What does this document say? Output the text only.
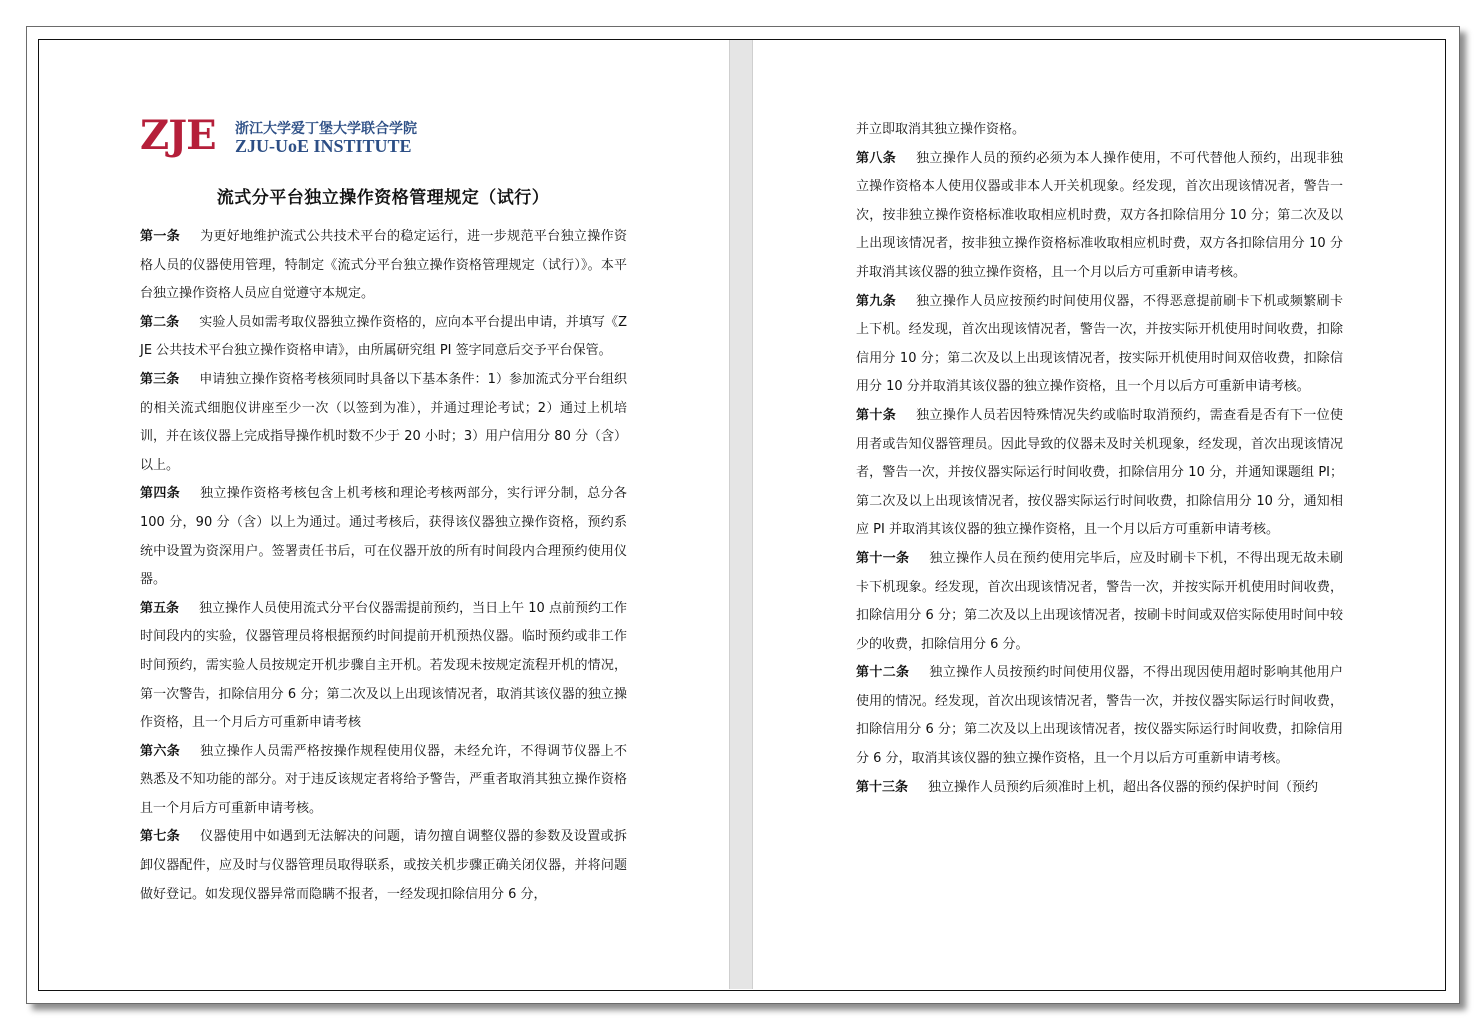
ZJE 浙江大学爱丁堡大学联合学院
ZJU-UoE INSTITUTE
流式分平台独立操作资格管理规定（试行）

第一条 为更好地维护流式公共技术平台的稳定运行，进一步规范平台独立操作资格人员的仪器使用管理，特制定《流式分平台独立操作资格管理规定（试行）》。本平台独立操作资格人员应自觉遵守本规定。

第二条 实验人员如需考取仪器独立操作资格的，应向本平台提出申请，并填写《ZJE 公共技术平台独立操作资格申请》，由所属研究组 PI 签字同意后交予平台保管。

第三条 申请独立操作资格考核须同时具备以下基本条件：1）参加流式分平台组织的相关流式细胞仪讲座至少一次（以签到为准），并通过理论考试；2）通过上机培训，并在该仪器上完成指导操作机时数不少于 20 小时；3）用户信用分 80 分（含）以上。

第四条 独立操作资格考核包含上机考核和理论考核两部分，实行评分制，总分各 100 分，90 分（含）以上为通过。通过考核后，获得该仪器独立操作资格，预约系统中设置为资深用户。签署责任书后，可在仪器开放的所有时间段内合理预约使用仪器。

第五条 独立操作人员使用流式分平台仪器需提前预约，当日上午 10 点前预约工作时间段内的实验，仪器管理员将根据预约时间提前开机预热仪器。临时预约或非工作时间预约，需实验人员按规定开机步骤自主开机。若发现未按规定流程开机的情况，第一次警告，扣除信用分 6 分；第二次及以上出现该情况者，取消其该仪器的独立操作资格，且一个月后方可重新申请考核

第六条 独立操作人员需严格按操作规程使用仪器，未经允许，不得调节仪器上不熟悉及不知功能的部分。对于违反该规定者将给予警告，严重者取消其独立操作资格且一个月后方可重新申请考核。

第七条 仪器使用中如遇到无法解决的问题，请勿擅自调整仪器的参数及设置或拆卸仪器配件，应及时与仪器管理员取得联系，或按关机步骤正确关闭仪器，并将问题做好登记。如发现仪器异常而隐瞒不报者，一经发现扣除信用分 6 分，

并立即取消其独立操作资格。

第八条 独立操作人员的预约必须为本人操作使用，不可代替他人预约，出现非独立操作资格本人使用仪器或非本人开关机现象。经发现，首次出现该情况者，警告一次，按非独立操作资格标准收取相应机时费，双方各扣除信用分 10 分；第二次及以上出现该情况者，按非独立操作资格标准收取相应机时费，双方各扣除信用分 10 分并取消其该仪器的独立操作资格，且一个月以后方可重新申请考核。

第九条 独立操作人员应按预约时间使用仪器，不得恶意提前刷卡下机或频繁刷卡上下机。经发现，首次出现该情况者，警告一次，并按实际开机使用时间收费，扣除信用分 10 分；第二次及以上出现该情况者，按实际开机使用时间双倍收费，扣除信用分 10 分并取消其该仪器的独立操作资格，且一个月以后方可重新申请考核。

第十条 独立操作人员若因特殊情况失约或临时取消预约，需查看是否有下一位使用者或告知仪器管理员。因此导致的仪器未及时关机现象，经发现，首次出现该情况者，警告一次，并按仪器实际运行时间收费，扣除信用分 10 分，并通知课题组 PI；第二次及以上出现该情况者，按仪器实际运行时间收费，扣除信用分 10 分，通知相应 PI 并取消其该仪器的独立操作资格，且一个月以后方可重新申请考核。

第十一条 独立操作人员在预约使用完毕后，应及时刷卡下机，不得出现无故未刷卡下机现象。经发现，首次出现该情况者，警告一次，并按实际开机使用时间收费，扣除信用分 6 分；第二次及以上出现该情况者，按刷卡时间或双倍实际使用时间中较少的收费，扣除信用分 6 分。

第十二条 独立操作人员按预约时间使用仪器，不得出现因使用超时影响其他用户使用的情况。经发现，首次出现该情况者，警告一次，并按仪器实际运行时间收费，扣除信用分 6 分；第二次及以上出现该情况者，按仪器实际运行时间收费，扣除信用分 6 分，取消其该仪器的独立操作资格，且一个月以后方可重新申请考核。

第十三条 独立操作人员预约后须准时上机，超出各仪器的预约保护时间（预约
